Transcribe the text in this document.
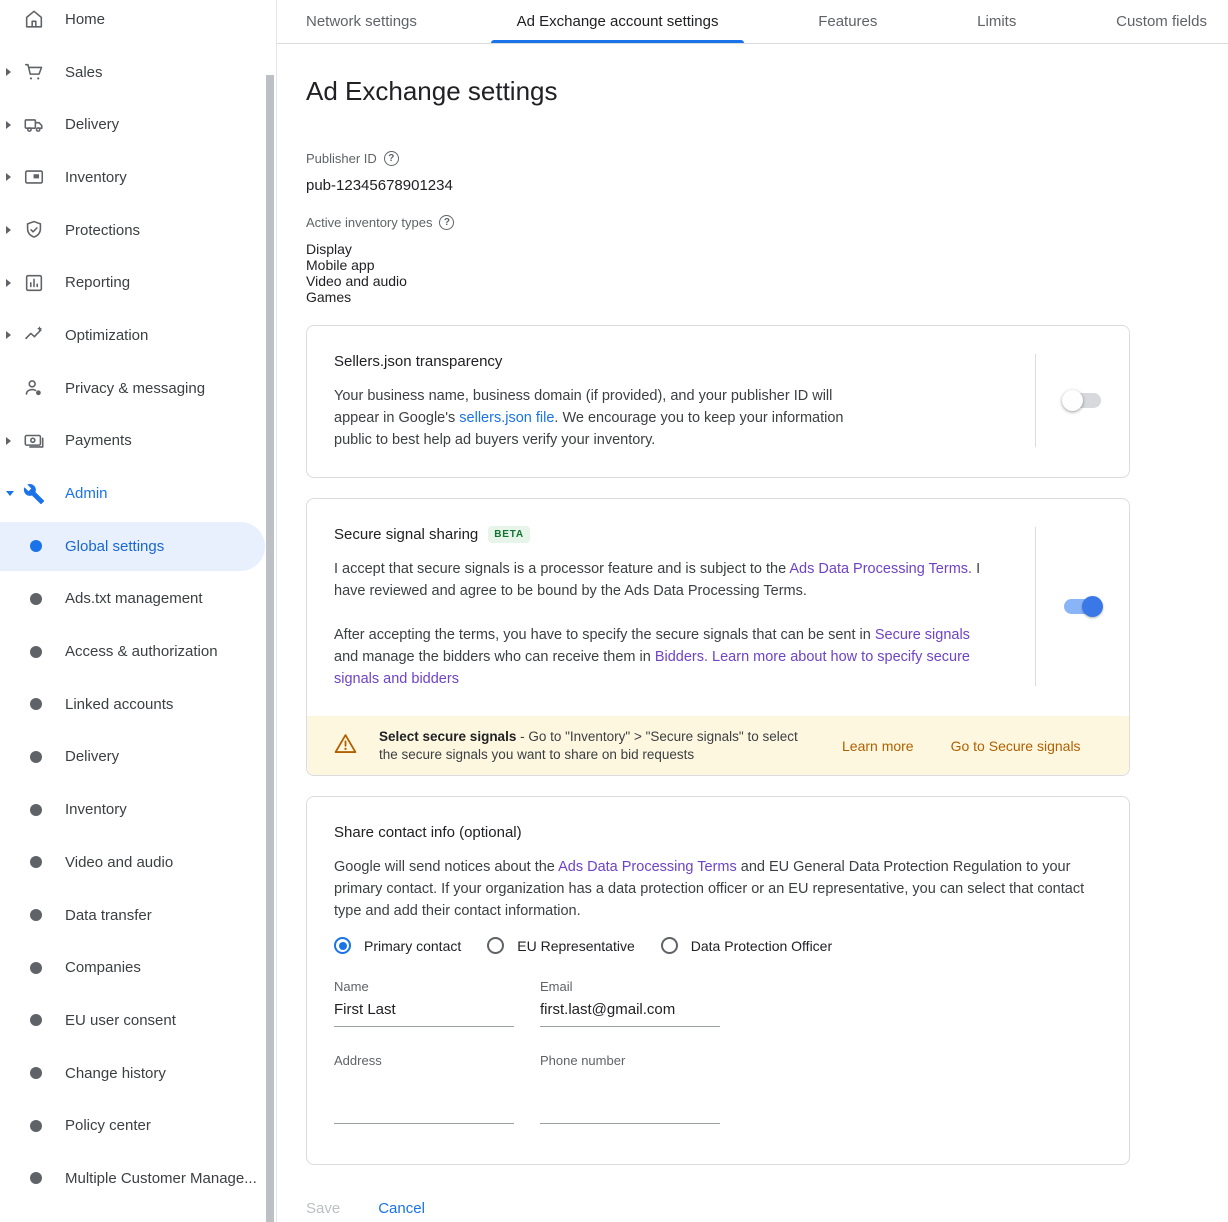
Home
Sales
Delivery
Inventory
Protections
Reporting
Optimization
Privacy & messaging
Payments
Admin
Global settings
Ads.txt management
Access & authorization
Linked accounts
Delivery
Inventory
Video and audio
Data transfer
Companies
EU user consent
Change history
Policy center
Multiple Customer Manage...
Network settings	Ad Exchange account settings	Features	Limits	Custom fields
Ad Exchange settings
Publisher ID	?
pub-12345678901234
Active inventory types	?
Display
Mobile app
Video and audio
Games
Sellers.json transparency

Your business name, business domain (if provided), and your publisher ID will appear in Google's sellers.json file. We encourage you to keep your information public to best help ad buyers verify your inventory.

Secure signal sharing	BETA

I accept that secure signals is a processor feature and is subject to the Ads Data Processing Terms. I have reviewed and agree to be bound by the Ads Data Processing Terms.

After accepting the terms, you have to specify the secure signals that can be sent in Secure signals and manage the bidders who can receive them in Bidders. Learn more about how to specify secure signals and bidders

Select secure signals - Go to "Inventory" > "Secure signals" to select the secure signals you want to share on bid requests
Learn more	Go to Secure signals
Share contact info (optional)

Google will send notices about the Ads Data Processing Terms and EU General Data Protection Regulation to your primary contact. If your organization has a data protection officer or an EU representative, you can select that contact type and add their contact information.

Primary contact	EU Representative	Data Protection Officer
Name
First Last	Email
first.last@gmail.com
Address	Phone number
Save	Cancel
